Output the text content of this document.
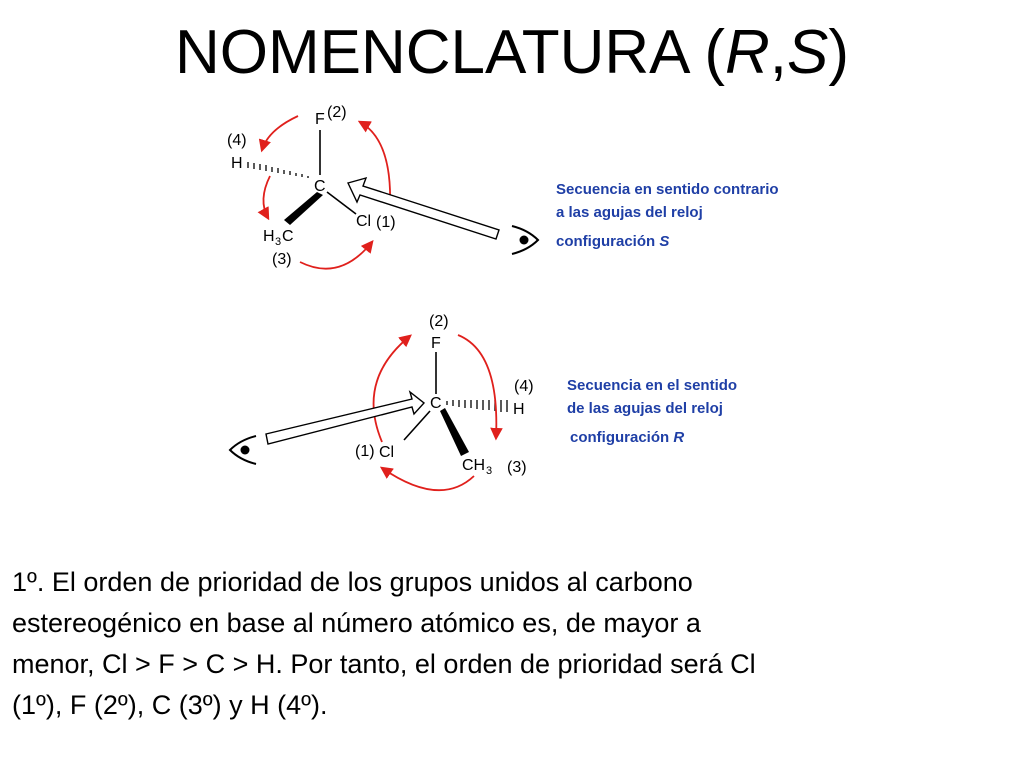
NOMENCLATURA (R,S)
C
F (2)
(4)
H
Cl (1)
H 3 C
(3)
Secuencia en sentido contrario
a las agujas del reloj
configuración S
C
(2)
F
(4)
H
(1) Cl
CH 3 (3)
Secuencia en el sentido
de las agujas del reloj
configuración R

1º. El orden de prioridad de los grupos unidos al carbono

estereogénico en base al número atómico es, de mayor a

menor, Cl > F > C > H. Por tanto, el orden de prioridad será Cl

(1º), F (2º), C (3º) y H (4º).
